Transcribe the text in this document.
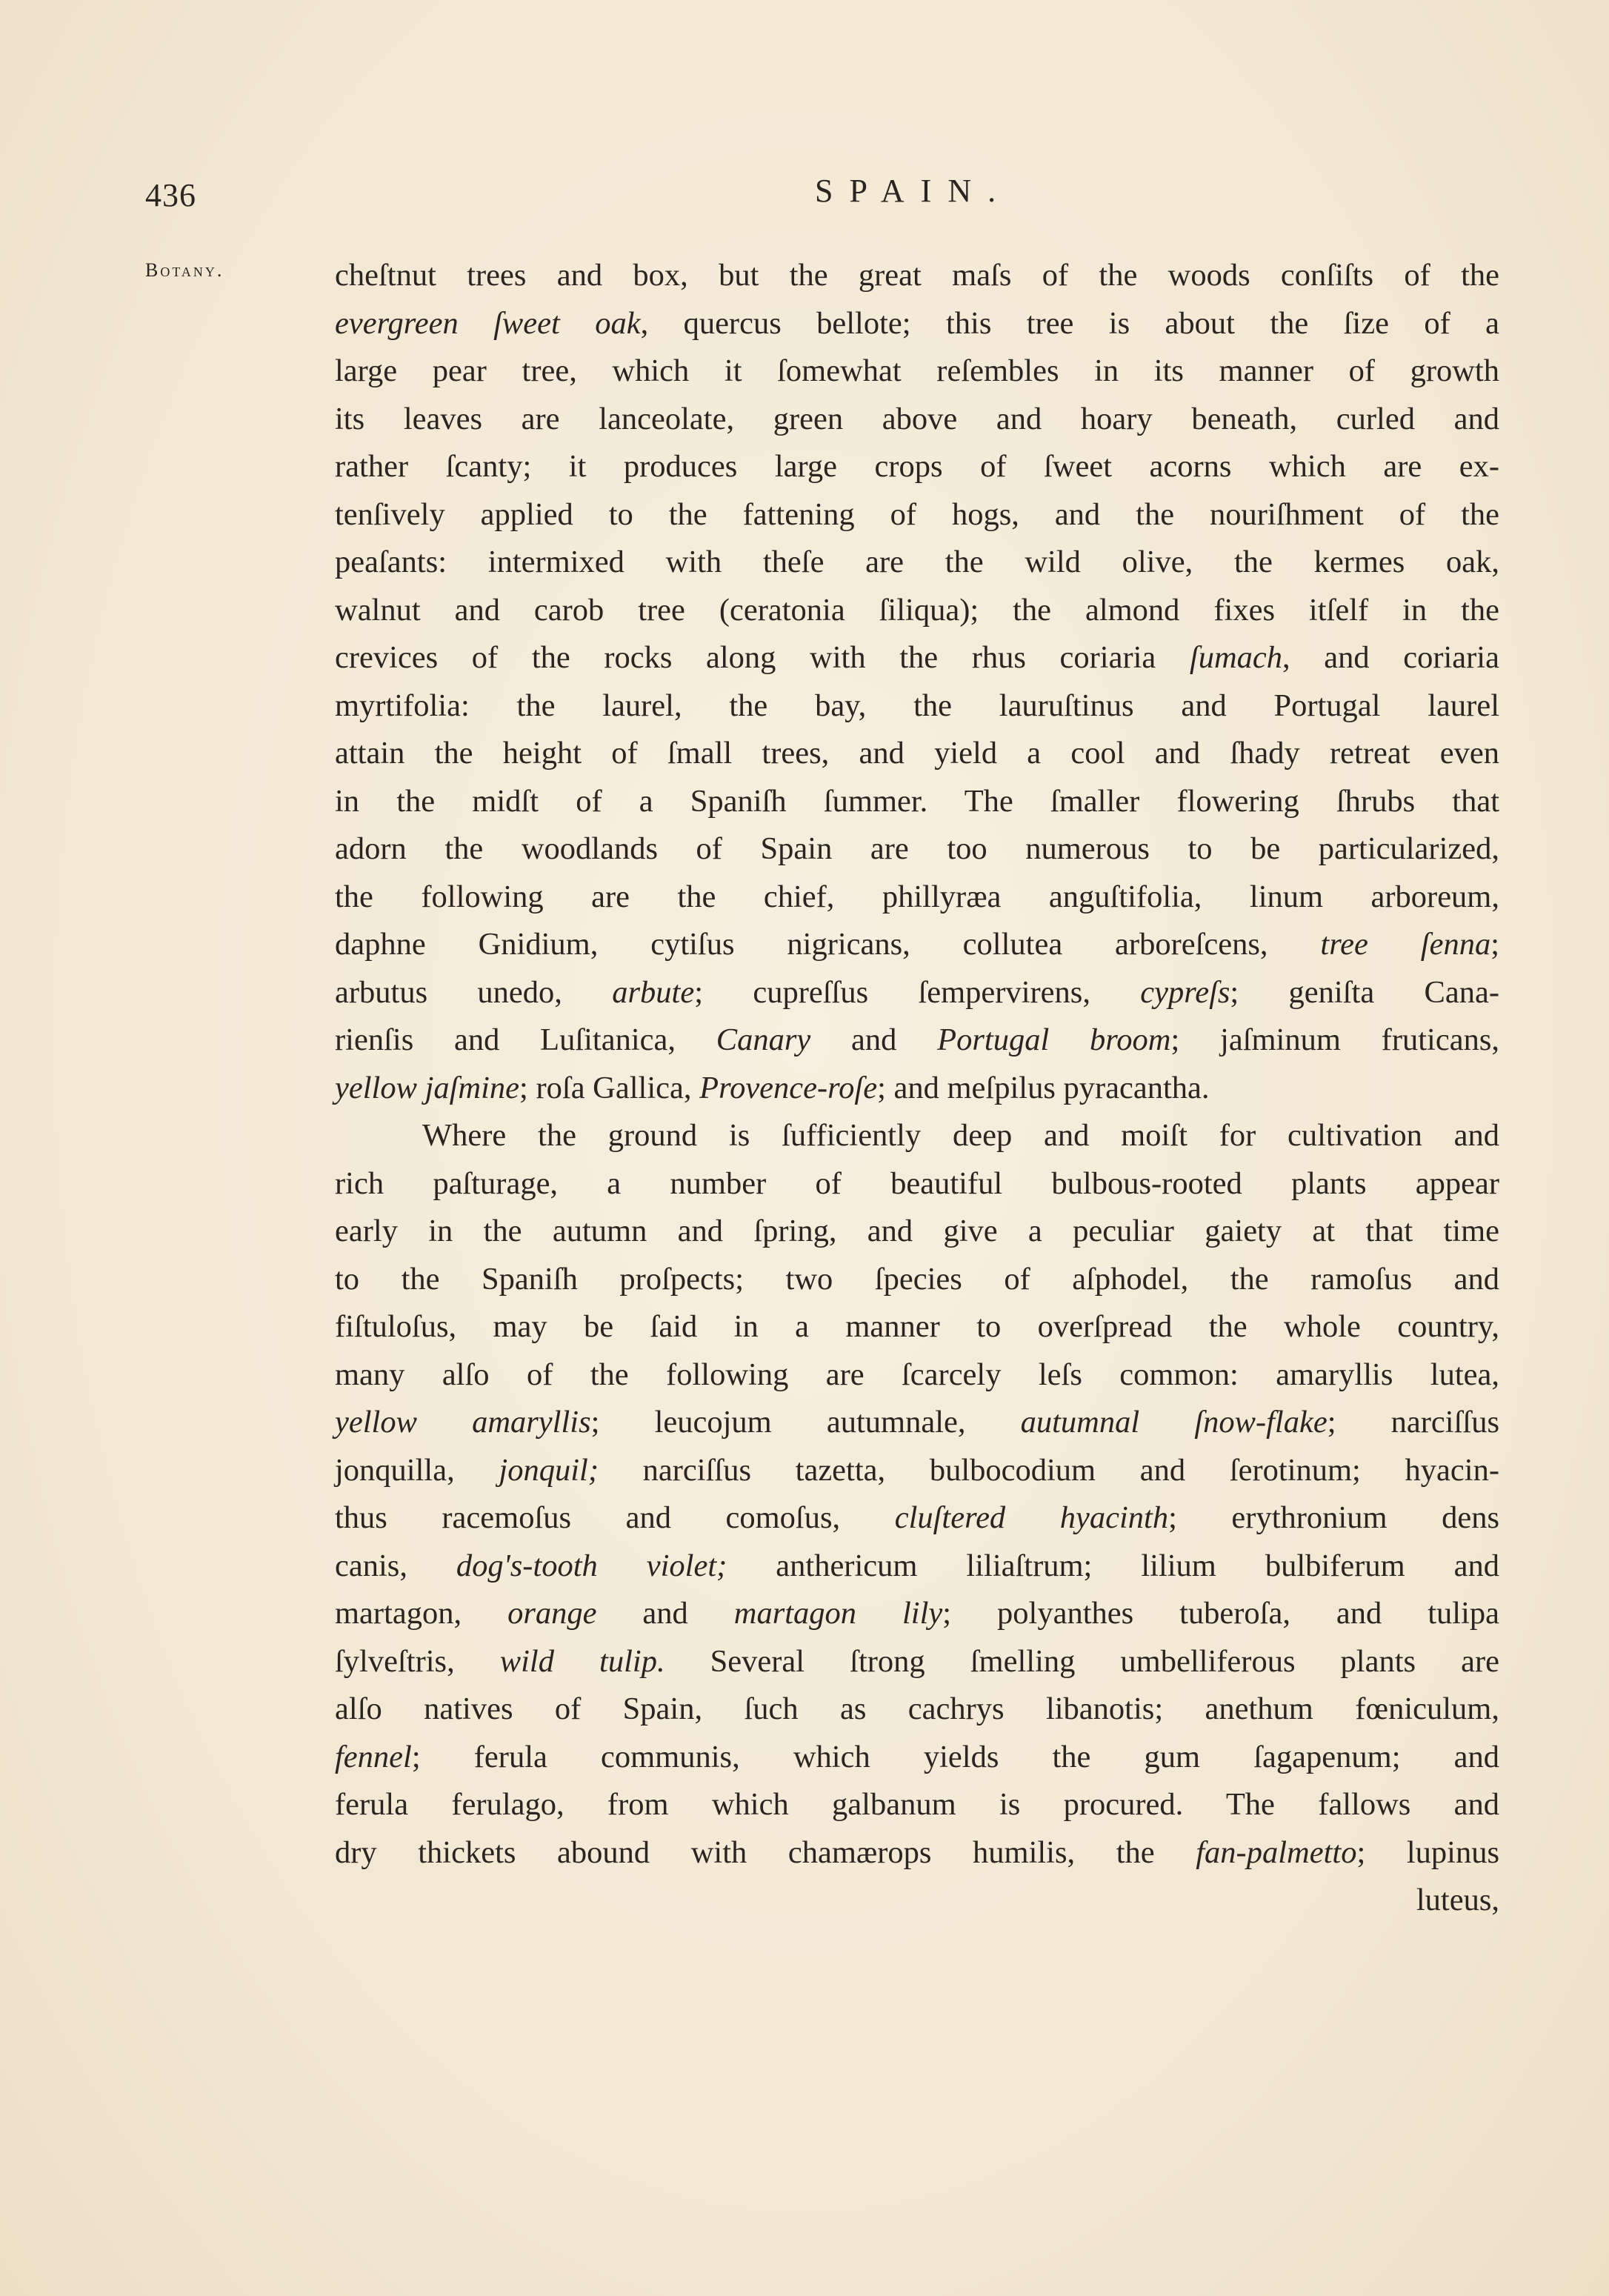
436	SPAIN.
Botany.	cheſtnut trees and box, but the great maſs of the woods conſiſts of the
evergreen ſweet oak, quercus bellote; this tree is about the ſize of a
large pear tree, which it ſomewhat reſembles in its manner of growth
its leaves are lanceolate, green above and hoary beneath, curled and
rather ſcanty; it produces large crops of ſweet acorns which are ex-
tenſively applied to the fattening of hogs, and the nouriſhment of the
peaſants: intermixed with theſe are the wild olive, the kermes oak,
walnut and carob tree (ceratonia ſiliqua); the almond fixes itſelf in the
crevices of the rocks along with the rhus coriaria ſumach, and coriaria
myrtifolia: the laurel, the bay, the lauruſtinus and Portugal laurel
attain the height of ſmall trees, and yield a cool and ſhady retreat even
in the midſt of a Spaniſh ſummer. The ſmaller flowering ſhrubs that
adorn the woodlands of Spain are too numerous to be particularized,
the following are the chief, phillyræa anguſtifolia, linum arboreum,
daphne Gnidium, cytiſus nigricans, collutea arboreſcens, tree ſenna;
arbutus unedo, arbute; cupreſſus ſempervirens, cypreſs; geniſta Cana-
rienſis and Luſitanica, Canary and Portugal broom; jaſminum fruticans,
yellow jaſmine; roſa Gallica, Provence-roſe; and meſpilus pyracantha.
Where the ground is ſufficiently deep and moiſt for cultivation and
rich paſturage, a number of beautiful bulbous-rooted plants appear
early in the autumn and ſpring, and give a peculiar gaiety at that time
to the Spaniſh proſpects; two ſpecies of aſphodel, the ramoſus and
fiſtuloſus, may be ſaid in a manner to overſpread the whole country,
many alſo of the following are ſcarcely leſs common: amaryllis lutea,
yellow amaryllis; leucojum autumnale, autumnal ſnow-flake; narciſſus
jonquilla, jonquil; narciſſus tazetta, bulbocodium and ſerotinum; hyacin-
thus racemoſus and comoſus, cluſtered hyacinth; erythronium dens
canis, dog's-tooth violet; anthericum liliaſtrum; lilium bulbiferum and
martagon, orange and martagon lily; polyanthes tuberoſa, and tulipa
ſylveſtris, wild tulip. Several ſtrong ſmelling umbelliferous plants are
alſo natives of Spain, ſuch as cachrys libanotis; anethum fœniculum,
fennel; ferula communis, which yields the gum ſagapenum; and
ferula ferulago, from which galbanum is procured. The fallows and
dry thickets abound with chamærops humilis, the fan-palmetto; lupinus
luteus,
